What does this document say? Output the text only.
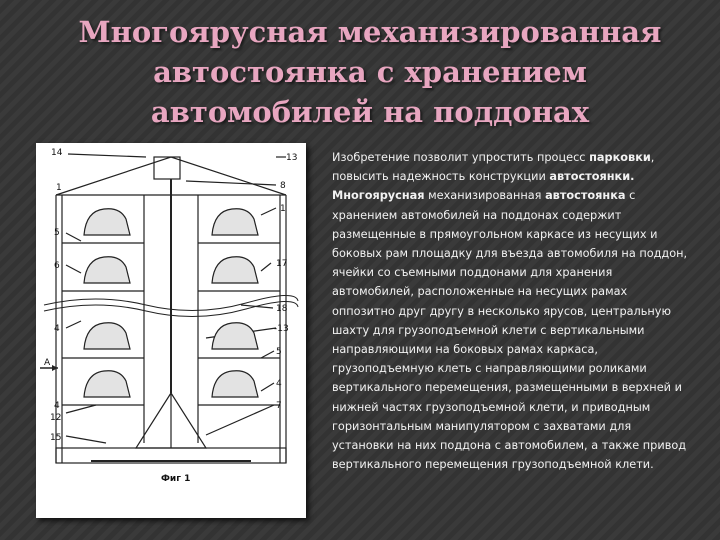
Многоярусная механизированная
автостоянка с хранением
автомобилей на поддонах
14
1
5
6
4
4
12
15
А
13
8
1
17
18
-13
5
4
7
Фиг 1

Изобретение позволит упростить процесс парковки, повысить надежность конструкции автостоянки.

Многоярусная механизированная автостоянка с хранением автомобилей на поддонах содержит размещенные в прямоугольном каркасе из несущих и боковых рам площадку для въезда автомобиля на поддон, ячейки со съемными поддонами для хранения автомобилей, расположенные на несущих рамах оппозитно друг другу в несколько ярусов, центральную шахту для грузоподъемной клети с вертикальными направляющими на боковых рамах каркаса, грузоподъемную клеть с направляющими роликами вертикального перемещения, размещенными в верхней и нижней частях грузоподъемной клети, и приводным горизонтальным манипулятором с захватами для установки на них поддона с автомобилем, а также привод вертикального перемещения грузоподъемной клети.
